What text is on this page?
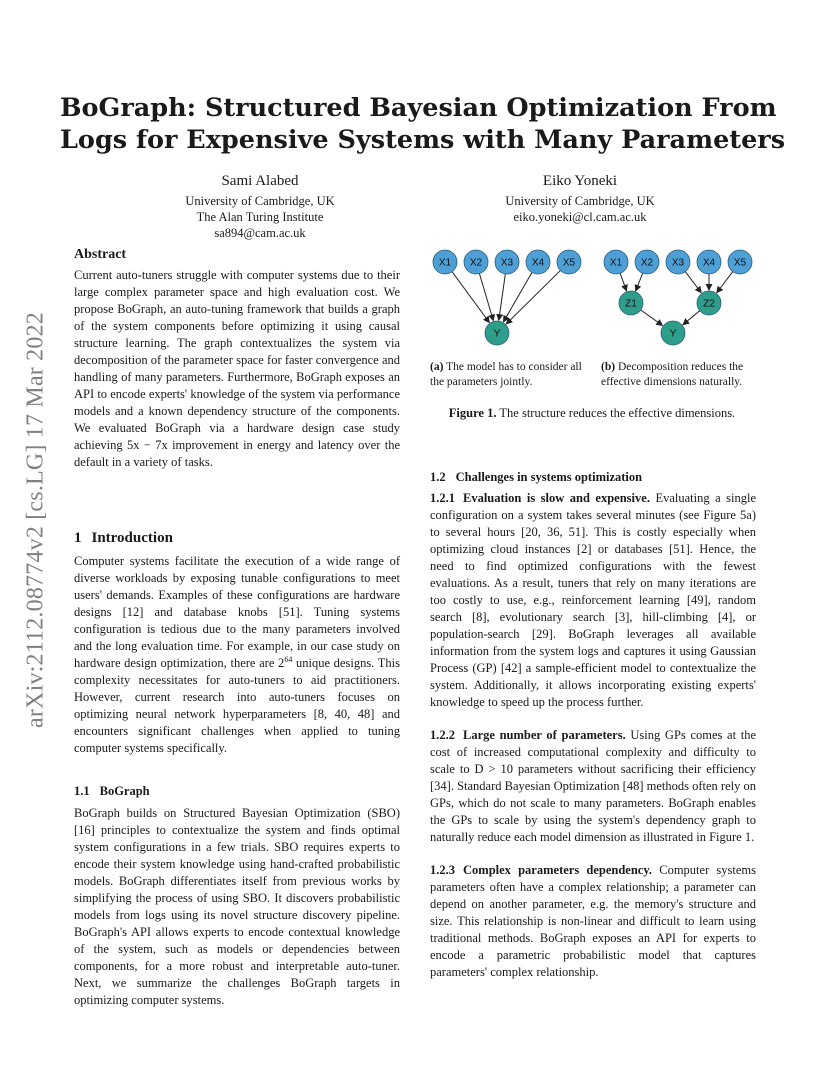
arXiv:2112.08774v2 [cs.LG] 17 Mar 2022
BoGraph: Structured Bayesian Optimization From
Logs for Expensive Systems with Many Parameters
Sami Alabed
University of Cambridge, UK
The Alan Turing Institute
sa894@cam.ac.uk
Eiko Yoneki
University of Cambridge, UK
eiko.yoneki@cl.cam.ac.uk
Abstract

Current auto-tuners struggle with computer systems due to their large complex parameter space and high evaluation cost. We propose BoGraph, an auto-tuning framework that builds a graph of the system components before optimizing it using causal structure learning. The graph contextualizes the system via decomposition of the parameter space for faster convergence and handling of many parameters. Furthermore, BoGraph exposes an API to encode experts' knowledge of the system via performance models and a known dependency structure of the components. We evaluated BoGraph via a hardware design case study achieving 5x − 7x improvement in energy and latency over the default in a variety of tasks.

1 Introduction

Computer systems facilitate the execution of a wide range of diverse workloads by exposing tunable configurations to meet users' demands. Examples of these configurations are hardware designs [12] and database knobs [51]. Tuning systems configuration is tedious due to the many parameters involved and the long evaluation time. For example, in our case study on hardware design optimization, there are $2^{64}$ unique designs. This complexity necessitates for auto-tuners to aid practitioners. However, current research into auto-tuners focuses on optimizing neural network hyperparameters [8, 40, 48] and encounters significant challenges when applied to tuning computer systems specifically.

1.1 BoGraph

BoGraph builds on Structured Bayesian Optimization (SBO) [16] principles to contextualize the system and finds optimal system configurations in a few trials. SBO requires experts to encode their system knowledge using hand-crafted probabilistic models. BoGraph differentiates itself from previous works by simplifying the process of using SBO. It discovers probabilistic models from logs using its novel structure discovery pipeline. BoGraph's API allows experts to encode contextual knowledge of the system, such as models or dependencies between components, for a more robust and interpretable auto-tuner. Next, we summarize the challenges BoGraph targets in optimizing computer systems.

X1 X2 X3 X4 X5
Y
X1 X2 X3 X4 X5
Z1	Z2
Y
(a) The model has to consider all the parameters jointly.
(b) Decomposition reduces the effective dimensions naturally.
Figure 1. The structure reduces the effective dimensions.
1.2 Challenges in systems optimization

1.2.1 Evaluation is slow and expensive. Evaluating a single configuration on a system takes several minutes (see Figure 5a) to several hours [20, 36, 51]. This is costly especially when optimizing cloud instances [2] or databases [51]. Hence, the need to find optimized configurations with the fewest evaluations. As a result, tuners that rely on many iterations are too costly to use, e.g., reinforcement learning [49], random search [8], evolutionary search [3], hill-climbing [4], or population-search [29]. BoGraph leverages all available information from the system logs and captures it using Gaussian Process (GP) [42] a sample-efficient model to contextualize the system. Additionally, it allows incorporating existing experts' knowledge to speed up the process further.

1.2.2 Large number of parameters. Using GPs comes at the cost of increased computational complexity and difficulty to scale to D > 10 parameters without sacrificing their efficiency [34]. Standard Bayesian Optimization [48] methods often rely on GPs, which do not scale to many parameters. BoGraph enables the GPs to scale by using the system's dependency graph to naturally reduce each model dimension as illustrated in Figure 1.

1.2.3 Complex parameters dependency. Computer systems parameters often have a complex relationship; a parameter can depend on another parameter, e.g. the memory's structure and size. This relationship is non-linear and difficult to learn using traditional methods. BoGraph exposes an API for experts to encode a parametric probabilistic model that captures parameters' complex relationship.
